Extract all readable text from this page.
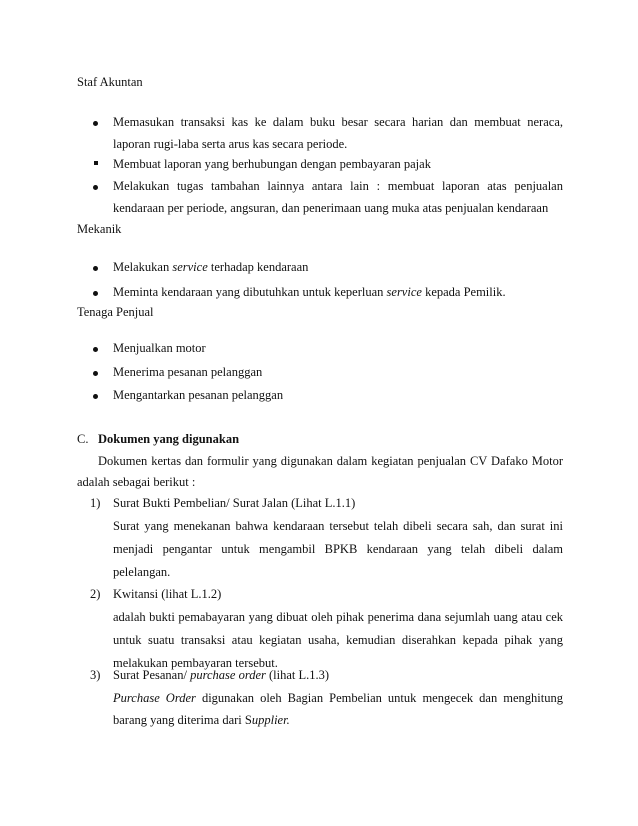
Staf Akuntan
Memasukan transaksi kas ke dalam buku besar secara harian dan membuat neraca,
laporan rugi-laba serta arus kas secara periode.
Membuat laporan yang berhubungan dengan pembayaran pajak
Melakukan tugas tambahan lainnya antara lain : membuat laporan atas penjualan
kendaraan per periode, angsuran, dan penerimaan uang muka atas penjualan kendaraan
Mekanik
Melakukan service terhadap kendaraan
Meminta kendaraan yang dibutuhkan untuk keperluan service kepada Pemilik.
Tenaga Penjual
Menjualkan motor
Menerima pesanan pelanggan
Mengantarkan pesanan pelanggan
C. Dokumen yang digunakan
Dokumen kertas dan formulir yang digunakan dalam kegiatan penjualan CV Dafako Motor
adalah sebagai berikut :
1) Surat Bukti Pembelian/ Surat Jalan (Lihat L.1.1)
Surat yang menekanan bahwa kendaraan tersebut telah dibeli secara sah, dan surat ini
menjadi pengantar untuk mengambil BPKB kendaraan yang telah dibeli dalam
pelelangan.
2) Kwitansi (lihat L.1.2)
adalah bukti pemabayaran yang dibuat oleh pihak penerima dana sejumlah uang atau cek
untuk suatu transaksi atau kegiatan usaha, kemudian diserahkan kepada pihak yang
melakukan pembayaran tersebut.
3) Surat Pesanan/ purchase order (lihat L.1.3)
Purchase Order digunakan oleh Bagian Pembelian untuk mengecek dan menghitung
barang yang diterima dari Supplier.
